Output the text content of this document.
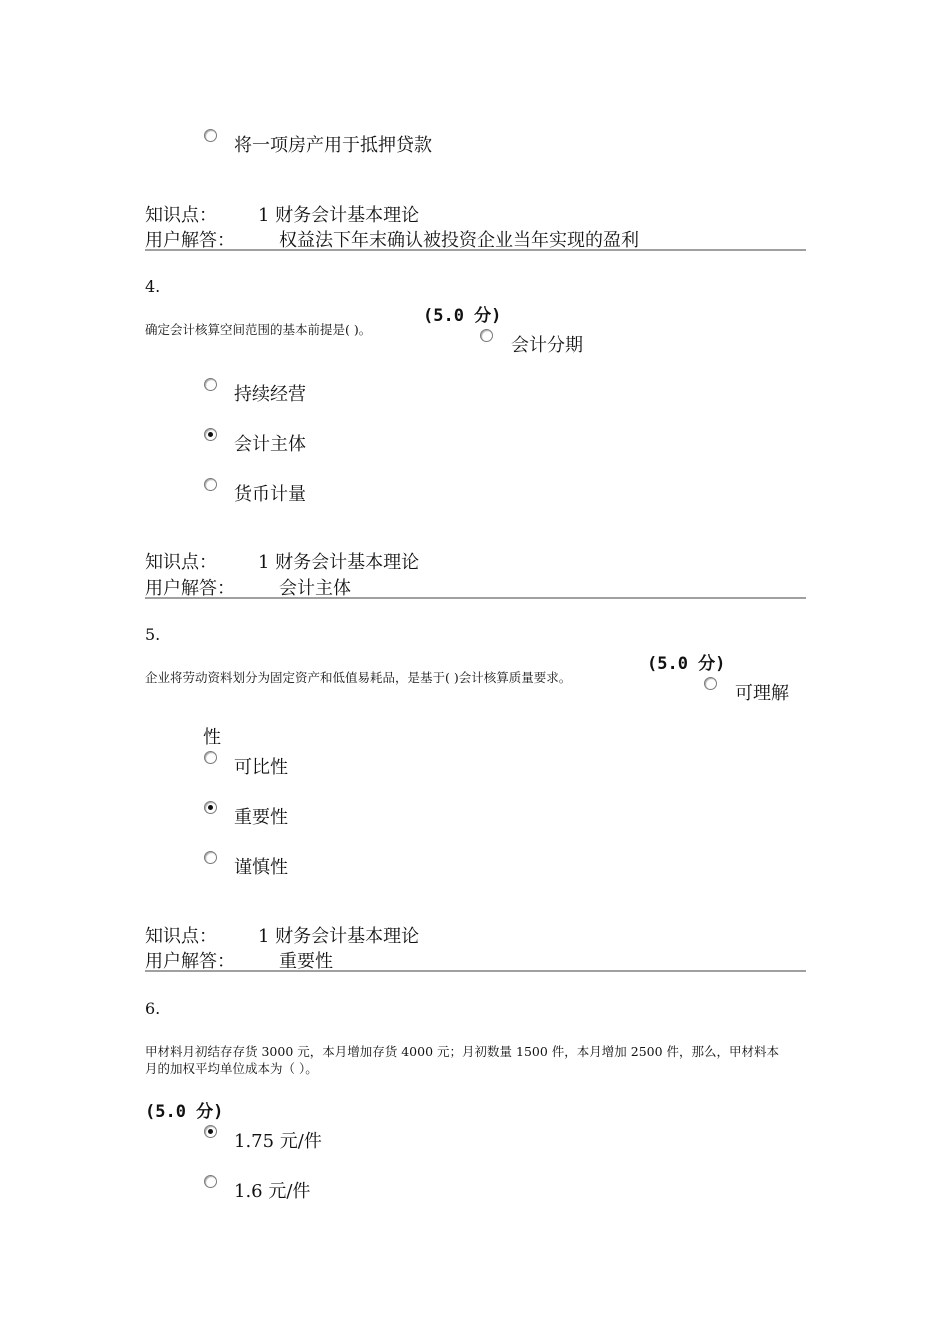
将一项房产用于抵押贷款
知识点： 1 财务会计基本理论
用户解答： 权益法下年末确认被投资企业当年实现的盈利
4.
确定会计核算空间范围的基本前提是( )。
(5.0 分)
会计分期
持续经营
会计主体
货币计量
知识点： 1 财务会计基本理论
用户解答： 会计主体
5.
企业将劳动资料划分为固定资产和低值易耗品，是基于( )会计核算质量要求。
(5.0 分)
可理解
性
可比性
重要性
谨慎性
知识点： 1 财务会计基本理论
用户解答： 重要性
6.
甲材料月初结存存货 3000 元，本月增加存货 4000 元；月初数量 1500 件，本月增加 2500 件，那么，甲材料本
月的加权平均单位成本为（ ）。
(5.0 分)
1.75 元/件
1.6 元/件
